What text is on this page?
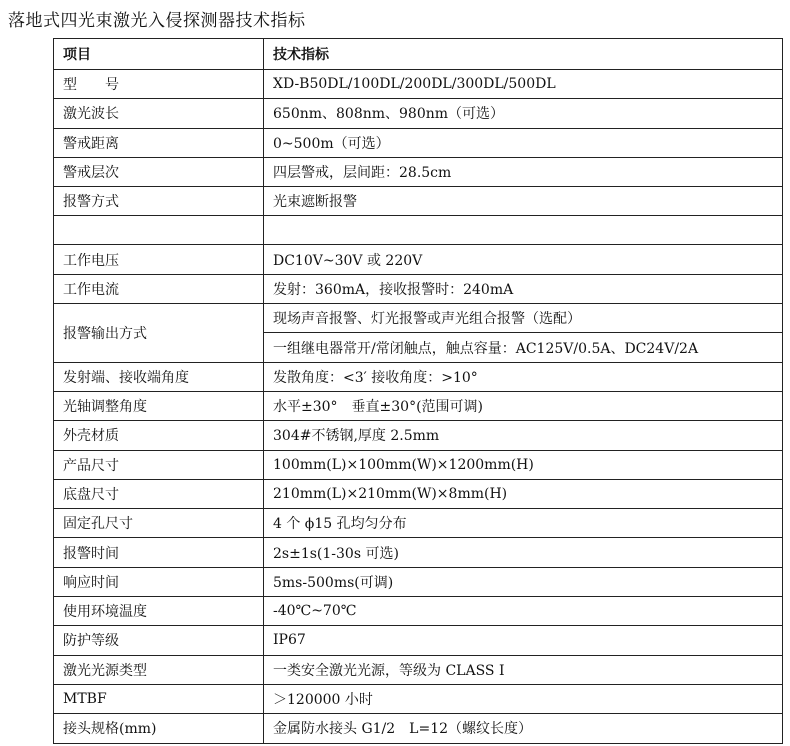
落地式四光束激光入侵探测器技术指标
项目	技术指标
型　　号	XD-B50DL/100DL/200DL/300DL/500DL
激光波长	650nm、808nm、980nm（可选）
警戒距离	0~500m（可选）
警戒层次	四层警戒，层间距：28.5cm
报警方式	光束遮断报警

工作电压	DC10V~30V 或 220V
工作电流	发射：360mA，接收报警时：240mA
报警输出方式	现场声音报警、灯光报警或声光组合报警（选配）
	一组继电器常开/常闭触点，触点容量：AC125V/0.5A、DC24V/2A
发射端、接收端角度	发散角度：<3′ 接收角度：>10°
光轴调整角度	水平±30°　垂直±30°(范围可调)
外壳材质	304#不锈钢,厚度 2.5mm
产品尺寸	100mm(L)×100mm(W)×1200mm(H)
底盘尺寸	210mm(L)×210mm(W)×8mm(H)
固定孔尺寸	4 个 ϕ15 孔均匀分布
报警时间	2s±1s(1-30s 可选)
响应时间	5ms-500ms(可调)
使用环境温度	-40℃~70℃
防护等级	IP67
激光光源类型	一类安全激光光源，等级为 CLASS Ⅰ
MTBF	＞120000 小时
接头规格(mm)	金属防水接头 G1/2　L=12（螺纹长度）
